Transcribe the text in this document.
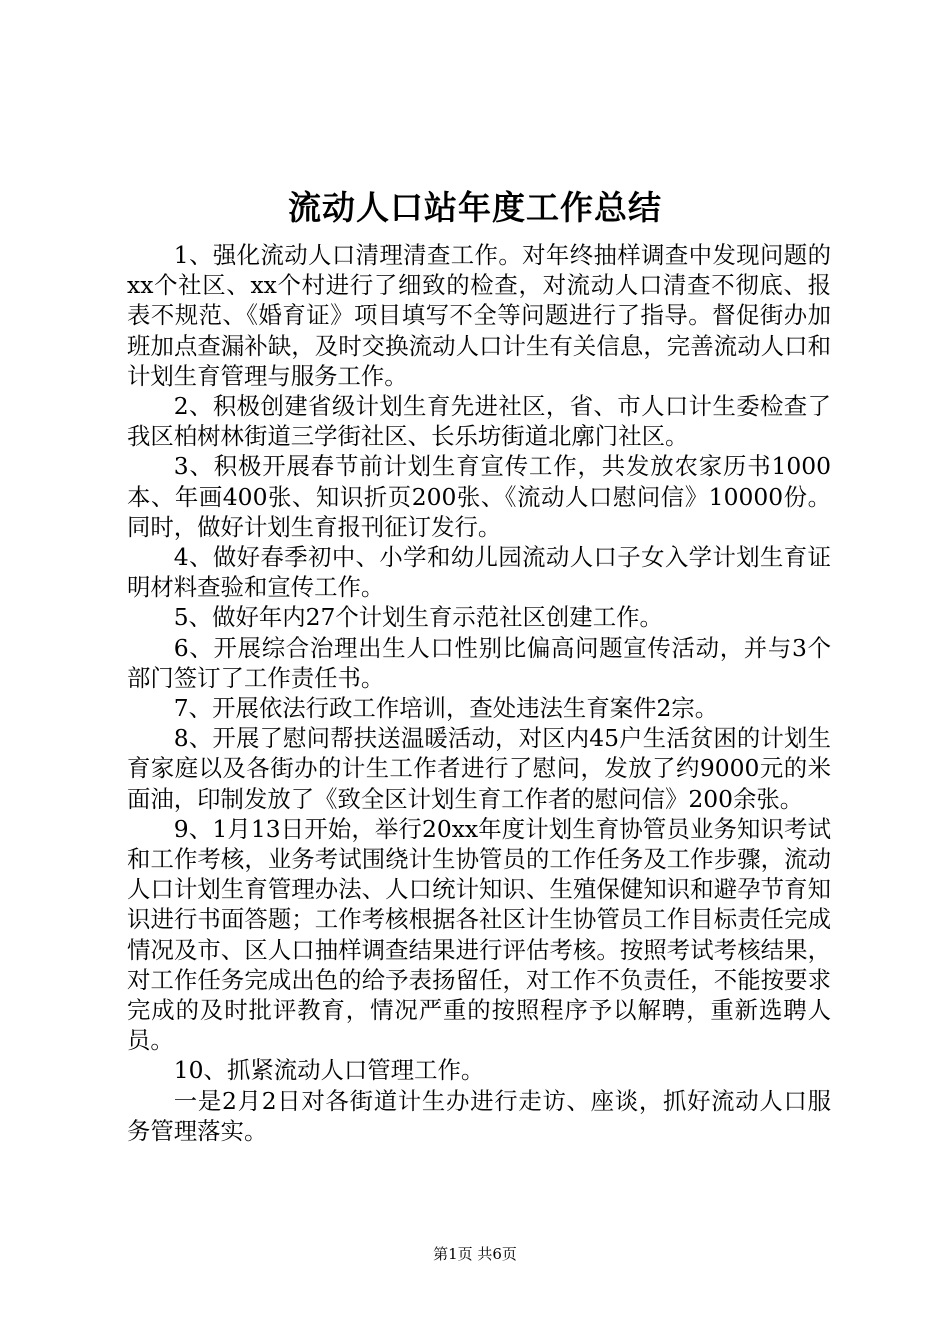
流动人口站年度工作总结

1、强化流动人口清理清查工作。对年终抽样调查中发现问题的xx个社区、xx个村进行了细致的检查，对流动人口清查不彻底、报表不规范、《婚育证》项目填写不全等问题进行了指导。督促街办加班加点查漏补缺，及时交换流动人口计生有关信息，完善流动人口和计划生育管理与服务工作。

2、积极创建省级计划生育先进社区，省、市人口计生委检查了我区柏树林街道三学街社区、长乐坊街道北廓门社区。

3、积极开展春节前计划生育宣传工作，共发放农家历书1000本、年画400张、知识折页200张、《流动人口慰问信》10000份。同时，做好计划生育报刊征订发行。

4、做好春季初中、小学和幼儿园流动人口子女入学计划生育证明材料查验和宣传工作。

5、做好年内27个计划生育示范社区创建工作。

6、开展综合治理出生人口性别比偏高问题宣传活动，并与3个部门签订了工作责任书。

7、开展依法行政工作培训，查处违法生育案件2宗。

8、开展了慰问帮扶送温暖活动，对区内45户生活贫困的计划生育家庭以及各街办的计生工作者进行了慰问，发放了约9000元的米面油，印制发放了《致全区计划生育工作者的慰问信》200余张。

9、1月13日开始，举行20xx年度计划生育协管员业务知识考试和工作考核，业务考试围绕计生协管员的工作任务及工作步骤，流动人口计划生育管理办法、人口统计知识、生殖保健知识和避孕节育知识进行书面答题；工作考核根据各社区计生协管员工作目标责任完成情况及市、区人口抽样调查结果进行评估考核。按照考试考核结果，对工作任务完成出色的给予表扬留任，对工作不负责任，不能按要求完成的及时批评教育，情况严重的按照程序予以解聘，重新选聘人员。

10、抓紧流动人口管理工作。

一是2月2日对各街道计生办进行走访、座谈，抓好流动人口服务管理落实。

第1页 共6页
